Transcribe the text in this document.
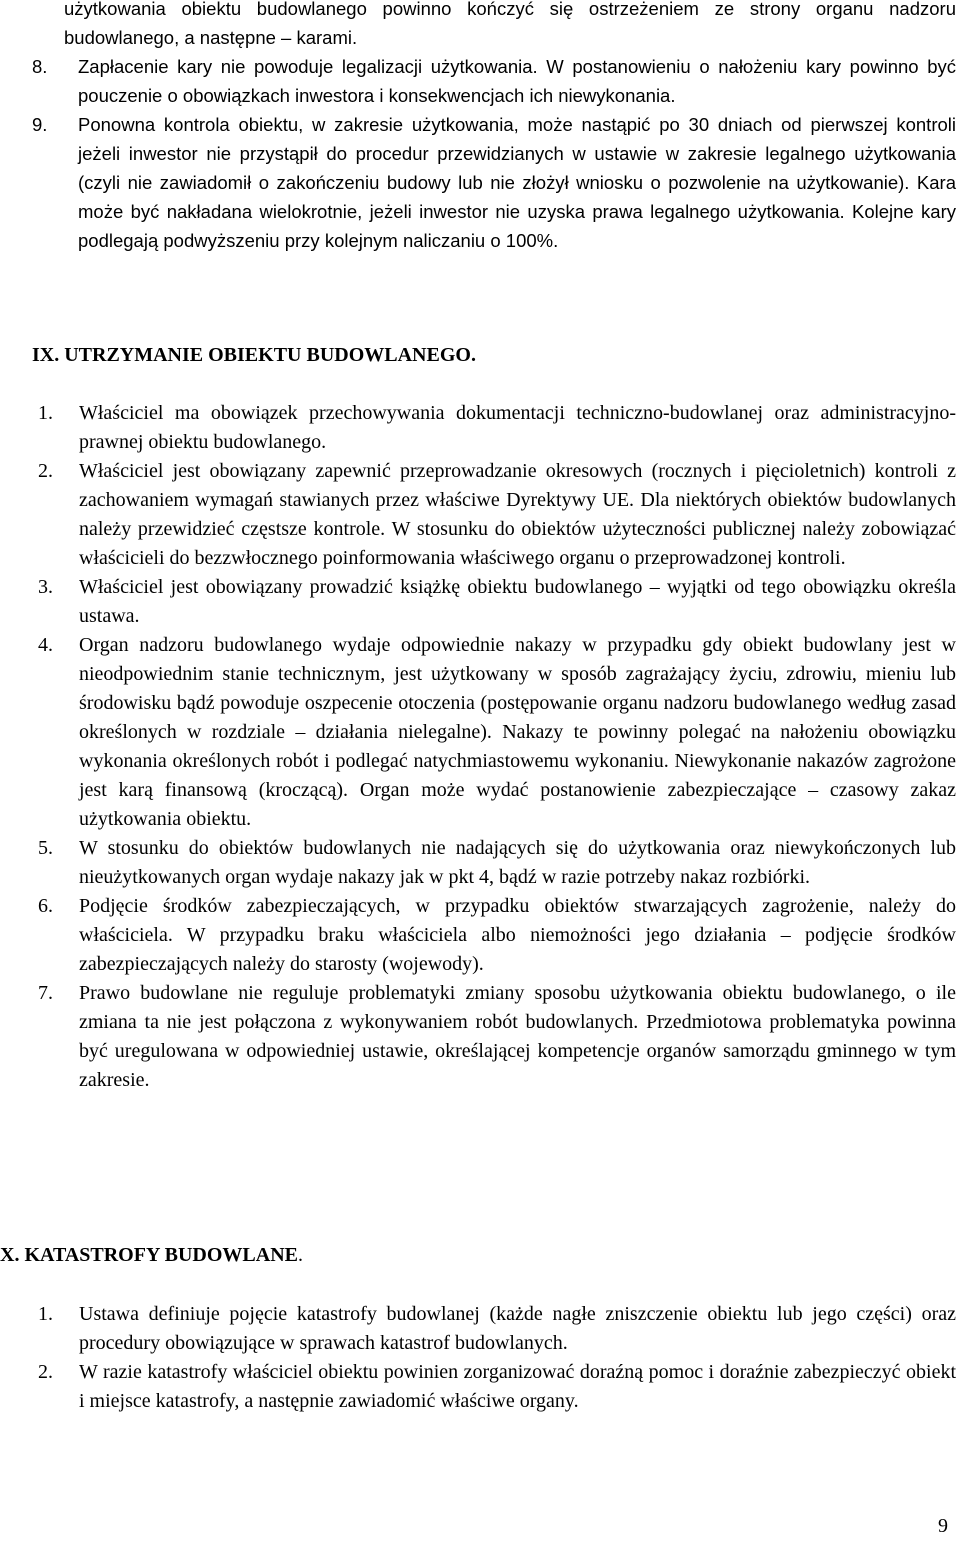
użytkowania obiektu budowlanego powinno kończyć się ostrzeżeniem ze strony organu nadzoru budowlanego, a następne – karami.
8.	Zapłacenie kary nie powoduje legalizacji użytkowania. W postanowieniu o nałożeniu kary powinno być pouczenie o obowiązkach inwestora i konsekwencjach ich niewykonania.
9.	Ponowna kontrola obiektu, w zakresie użytkowania, może nastąpić po 30 dniach od pierwszej kontroli jeżeli inwestor nie przystąpił do procedur przewidzianych w ustawie w zakresie legalnego użytkowania (czyli nie zawiadomił o zakończeniu budowy lub nie złożył wniosku o pozwolenie na użytkowanie). Kara może być nakładana wielokrotnie, jeżeli inwestor nie uzyska prawa legalnego użytkowania. Kolejne kary podlegają podwyższeniu przy kolejnym naliczaniu o 100%.
IX. UTRZYMANIE OBIEKTU BUDOWLANEGO.
1.	Właściciel ma obowiązek przechowywania dokumentacji techniczno-budowlanej oraz administracyjno-prawnej obiektu budowlanego.
2.	Właściciel jest obowiązany zapewnić przeprowadzanie okresowych (rocznych i pięcioletnich) kontroli z zachowaniem wymagań stawianych przez właściwe Dyrektywy UE. Dla niektórych obiektów budowlanych należy przewidzieć częstsze kontrole. W stosunku do obiektów użyteczności publicznej należy zobowiązać właścicieli do bezzwłocznego poinformowania właściwego organu o przeprowadzonej kontroli.
3.	Właściciel jest obowiązany prowadzić książkę obiektu budowlanego – wyjątki od tego obowiązku określa ustawa.
4.	Organ nadzoru budowlanego wydaje odpowiednie nakazy w przypadku gdy obiekt budowlany jest w nieodpowiednim stanie technicznym, jest użytkowany w sposób zagrażający życiu, zdrowiu, mieniu lub środowisku bądź powoduje oszpecenie otoczenia (postępowanie organu nadzoru budowlanego według zasad określonych w rozdziale – działania nielegalne). Nakazy te powinny polegać na nałożeniu obowiązku wykonania określonych robót i podlegać natychmiastowemu wykonaniu. Niewykonanie nakazów zagrożone jest karą finansową (kroczącą). Organ może wydać postanowienie zabezpieczające – czasowy zakaz użytkowania obiektu.
5.	W stosunku do obiektów budowlanych nie nadających się do użytkowania oraz niewykończonych lub nieużytkowanych organ wydaje nakazy jak w pkt 4, bądź w razie potrzeby nakaz rozbiórki.
6.	Podjęcie środków zabezpieczających, w przypadku obiektów stwarzających zagrożenie, należy do właściciela. W przypadku braku właściciela albo niemożności jego działania – podjęcie środków zabezpieczających należy do starosty (wojewody).
7.	Prawo budowlane nie reguluje problematyki zmiany sposobu użytkowania obiektu budowlanego, o ile zmiana ta nie jest połączona z wykonywaniem robót budowlanych. Przedmiotowa problematyka powinna być uregulowana w odpowiedniej ustawie, określającej kompetencje organów samorządu gminnego w tym zakresie.
X. KATASTROFY BUDOWLANE.
1.	Ustawa definiuje pojęcie katastrofy budowlanej (każde nagłe zniszczenie obiektu lub jego części) oraz procedury obowiązujące w sprawach katastrof budowlanych.
2.	W razie katastrofy właściciel obiektu powinien zorganizować doraźną pomoc i doraźnie zabezpieczyć obiekt i miejsce katastrofy, a następnie zawiadomić właściwe organy.
9
